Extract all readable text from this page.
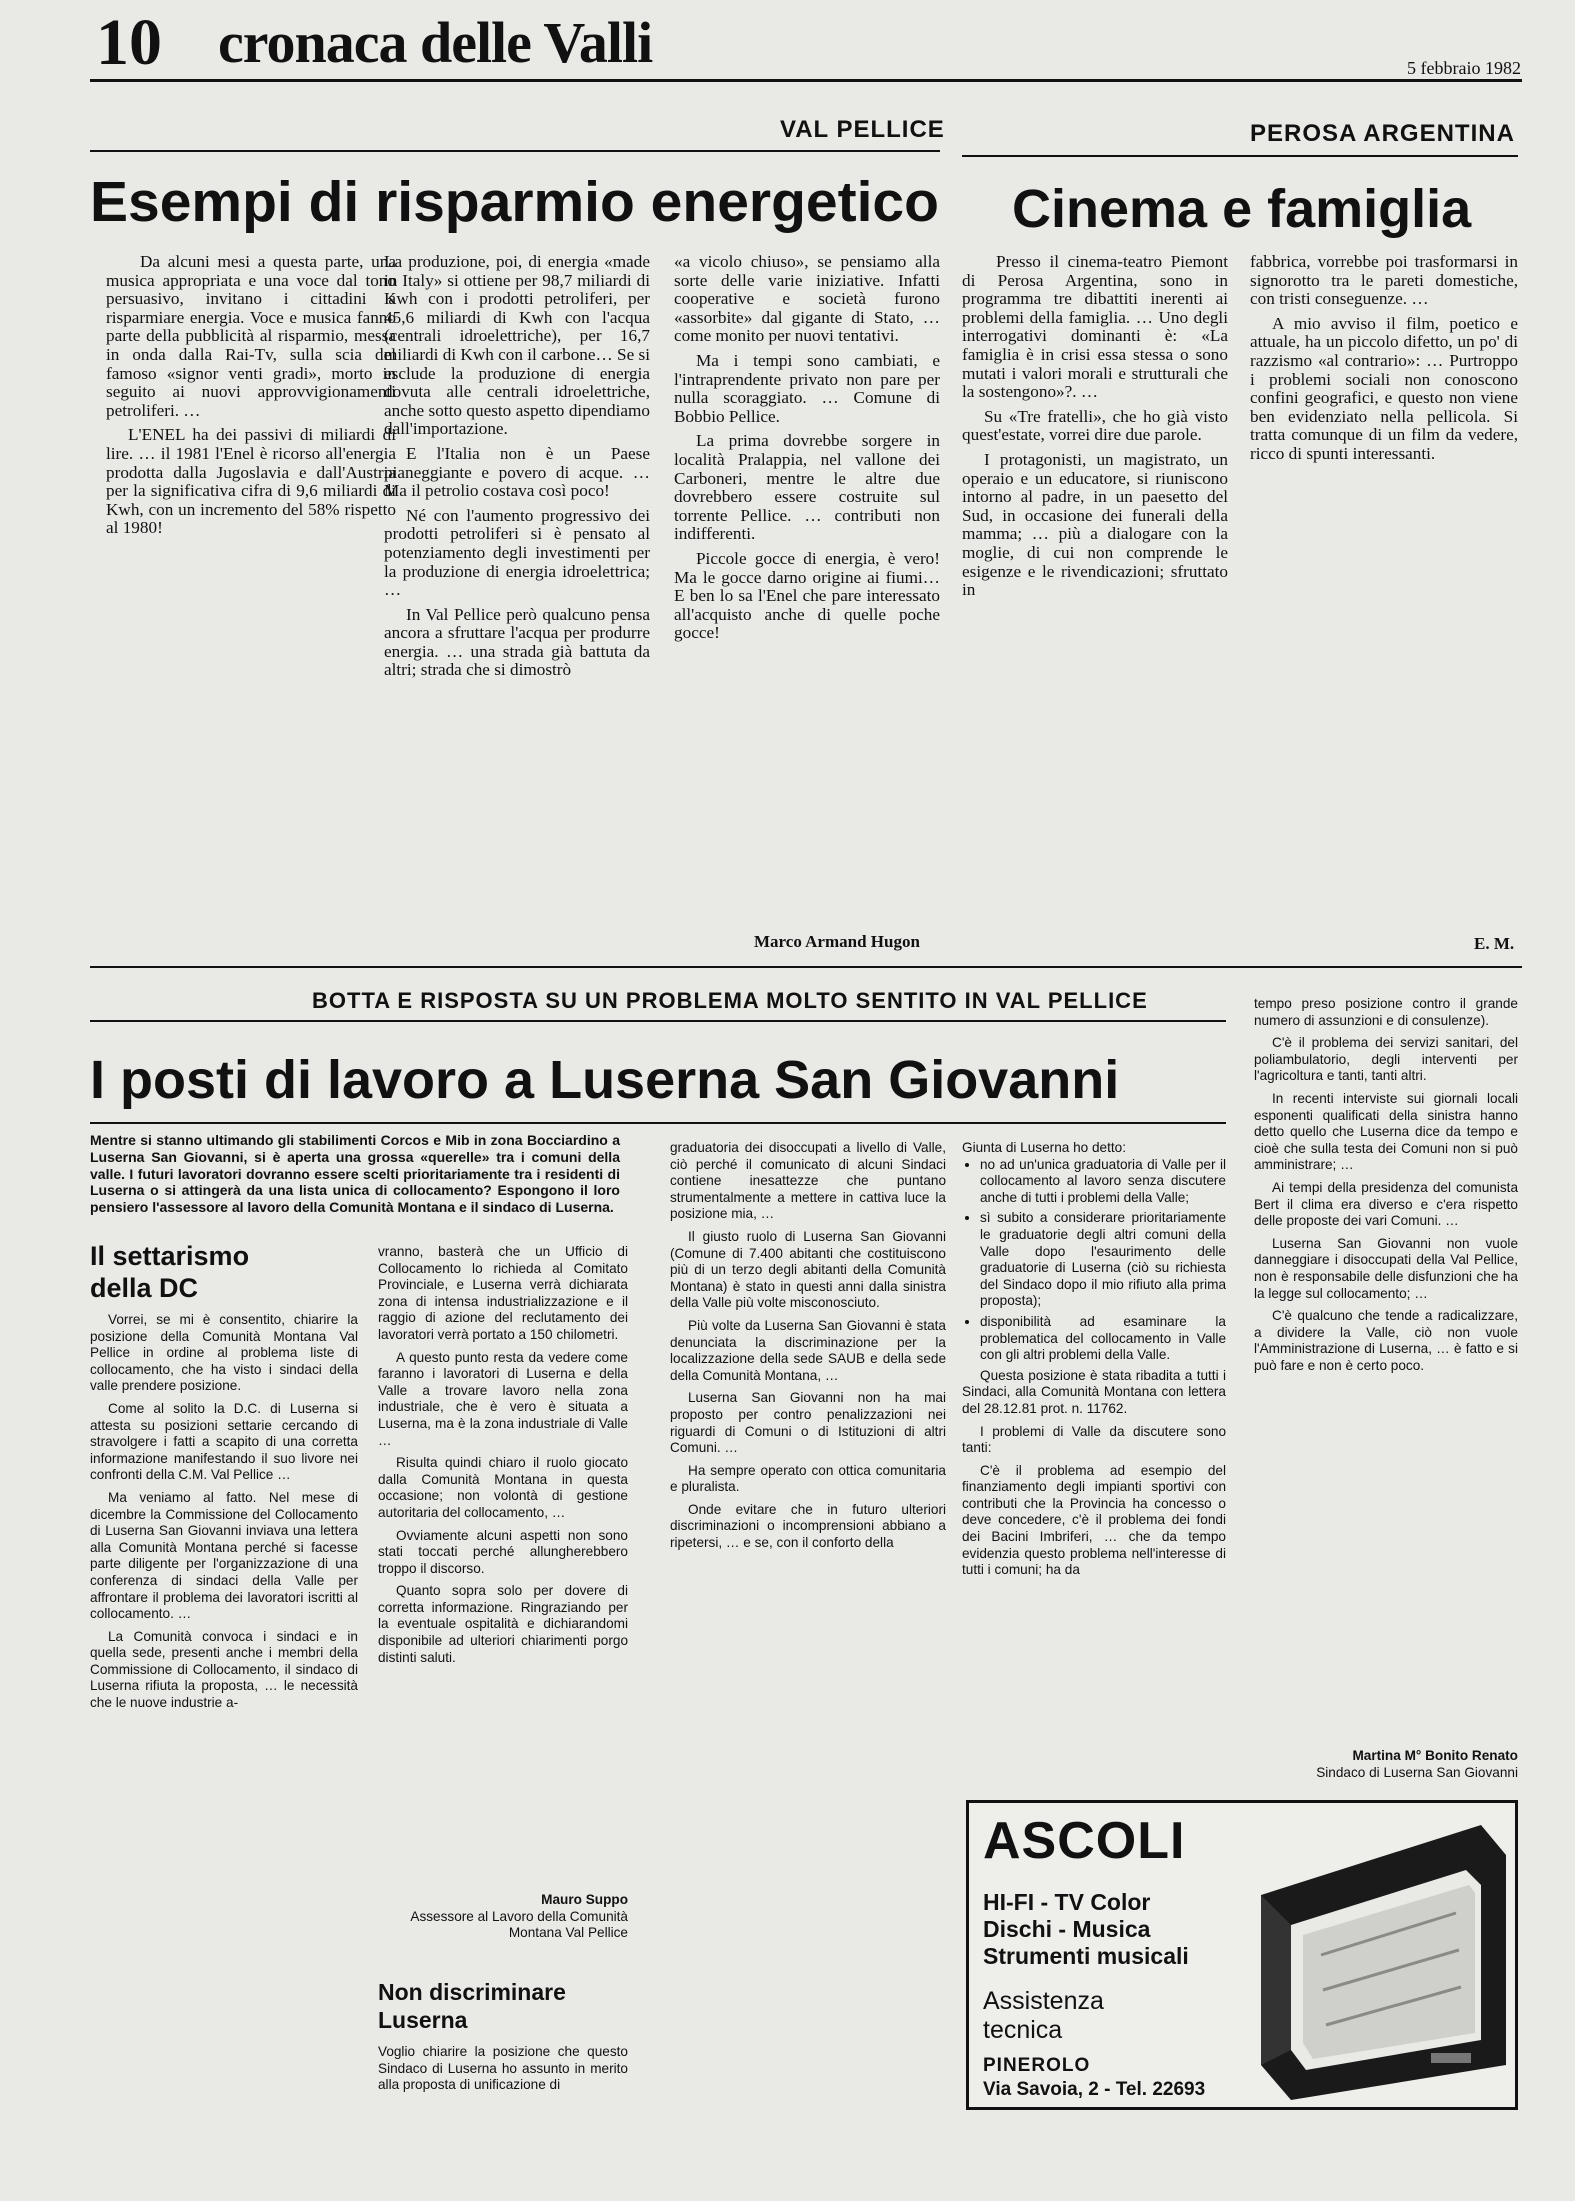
10 cronaca delle Valli	5 febbraio 1982
VAL PELLICE
Esempi di risparmio energetico

Da alcuni mesi a questa parte, una musica appropriata e una voce dal tono persuasivo, invitano i cittadini a risparmiare energia. Voce e musica fanno parte della pubblicità al risparmio, messa in onda dalla Rai-Tv, sulla scia del famoso «signor venti gradi», morto in seguito ai nuovi approvvigionamenti petroliferi. …

L'ENEL ha dei passivi di miliardi di lire. … il 1981 l'Enel è ricorso all'energia prodotta dalla Jugoslavia e dall'Austria per la significativa cifra di 9,6 miliardi di Kwh, con un incremento del 58% rispetto al 1980!

La produzione, poi, di energia «made in Italy» si ottiene per 98,7 miliardi di Kwh con i prodotti petroliferi, per 45,6 miliardi di Kwh con l'acqua (centrali idroelettriche), per 16,7 miliardi di Kwh con il carbone… Se si esclude la produzione di energia dovuta alle centrali idroelettriche, anche sotto questo aspetto dipendiamo dall'importazione.

E l'Italia non è un Paese pianeggiante e povero di acque. … Ma il petrolio costava così poco!

Né con l'aumento progressivo dei prodotti petroliferi si è pensato al potenziamento degli investimenti per la produzione di energia idroelettrica; …

In Val Pellice però qualcuno pensa ancora a sfruttare l'acqua per produrre energia. … una strada già battuta da altri; strada che si dimostrò

«a vicolo chiuso», se pensiamo alla sorte delle varie iniziative. Infatti cooperative e società furono «assorbite» dal gigante di Stato, … come monito per nuovi tentativi.

Ma i tempi sono cambiati, e l'intraprendente privato non pare per nulla scoraggiato. … Comune di Bobbio Pellice.

La prima dovrebbe sorgere in località Pralappia, nel vallone dei Carboneri, mentre le altre due dovrebbero essere costruite sul torrente Pellice. … contributi non indifferenti.

Piccole gocce di energia, è vero! Ma le gocce darno origine ai fiumi… E ben lo sa l'Enel che pare interessato all'acquisto anche di quelle poche gocce!

Marco Armand Hugon
PEROSA ARGENTINA
Cinema e famiglia

Presso il cinema-teatro Piemont di Perosa Argentina, sono in programma tre dibattiti inerenti ai problemi della famiglia. … Uno degli interrogativi dominanti è: «La famiglia è in crisi essa stessa o sono mutati i valori morali e strutturali che la sostengono»?. …

Su «Tre fratelli», che ho già visto quest'estate, vorrei dire due parole.

I protagonisti, un magistrato, un operaio e un educatore, si riuniscono intorno al padre, in un paesetto del Sud, in occasione dei funerali della mamma; … più a dialogare con la moglie, di cui non comprende le esigenze e le rivendicazioni; sfruttato in

fabbrica, vorrebbe poi trasformarsi in signorotto tra le pareti domestiche, con tristi conseguenze. …

A mio avviso il film, poetico e attuale, ha un piccolo difetto, un po' di razzismo «al contrario»: … Purtroppo i problemi sociali non conoscono confini geografici, e questo non viene ben evidenziato nella pellicola. Si tratta comunque di un film da vedere, ricco di spunti interessanti.

E. M.
BOTTA E RISPOSTA SU UN PROBLEMA MOLTO SENTITO IN VAL PELLICE
I posti di lavoro a Luserna San Giovanni
Mentre si stanno ultimando gli stabilimenti Corcos e Mib in zona Bocciardino a Luserna San Giovanni, si è aperta una grossa «querelle» tra i comuni della valle. I futuri lavoratori dovranno essere scelti prioritariamente tra i residenti di Luserna o si attingerà da una lista unica di collocamento? Espongono il loro pensiero l'assessore al lavoro della Comunità Montana e il sindaco di Luserna.
Il settarismo della DC

Vorrei, se mi è consentito, chiarire la posizione della Comunità Montana Val Pellice in ordine al problema liste di collocamento, che ha visto i sindaci della valle prendere posizione.

Come al solito la D.C. di Luserna si attesta su posizioni settarie cercando di stravolgere i fatti a scapito di una corretta informazione manifestando il suo livore nei confronti della C.M. Val Pellice …

Ma veniamo al fatto. Nel mese di dicembre la Commissione del Collocamento di Luserna San Giovanni inviava una lettera alla Comunità Montana perché si facesse parte diligente per l'organizzazione di una conferenza di sindaci della Valle per affrontare il problema dei lavoratori iscritti al collocamento. …

La Comunità convoca i sindaci e in quella sede, presenti anche i membri della Commissione di Collocamento, il sindaco di Luserna rifiuta la proposta, … le necessità che le nuove industrie a-

vranno, basterà che un Ufficio di Collocamento lo richieda al Comitato Provinciale, e Luserna verrà dichiarata zona di intensa industrializzazione e il raggio di azione del reclutamento dei lavoratori verrà portato a 150 chilometri.

A questo punto resta da vedere come faranno i lavoratori di Luserna e della Valle a trovare lavoro nella zona industriale, che è vero è situata a Luserna, ma è la zona industriale di Valle …

Risulta quindi chiaro il ruolo giocato dalla Comunità Montana in questa occasione; non volontà di gestione autoritaria del collocamento, …

Ovviamente alcuni aspetti non sono stati toccati perché allungherebbero troppo il discorso.

Quanto sopra solo per dovere di corretta informazione. Ringraziando per la eventuale ospitalità e dichiarandomi disponibile ad ulteriori chiarimenti porgo distinti saluti.

Mauro Suppo
Assessore al Lavoro della Comunità Montana Val Pellice
Non discriminare Luserna
Voglio chiarire la posizione che questo Sindaco di Luserna ho assunto in merito alla proposta di unificazione di

graduatoria dei disoccupati a livello di Valle, ciò perché il comunicato di alcuni Sindaci contiene inesattezze che puntano strumentalmente a mettere in cattiva luce la posizione mia, …

Il giusto ruolo di Luserna San Giovanni (Comune di 7.400 abitanti che costituiscono più di un terzo degli abitanti della Comunità Montana) è stato in questi anni dalla sinistra della Valle più volte misconosciuto.

Più volte da Luserna San Giovanni è stata denunciata la discriminazione per la localizzazione della sede SAUB e della sede della Comunità Montana, …

Luserna San Giovanni non ha mai proposto per contro penalizzazioni nei riguardi di Comuni o di Istituzioni di altri Comuni. …

Ha sempre operato con ottica comunitaria e pluralista.

Onde evitare che in futuro ulteriori discriminazioni o incomprensioni abbiano a ripetersi, … e se, con il conforto della

Giunta di Luserna ho detto:
• no ad un'unica graduatoria di Valle per il collocamento al lavoro senza discutere anche di tutti i problemi della Valle;
• sì subito a considerare prioritariamente le graduatorie degli altri comuni della Valle dopo l'esaurimento delle graduatorie di Luserna (ciò su richiesta del Sindaco dopo il mio rifiuto alla prima proposta);
• disponibilità ad esaminare la problematica del collocamento in Valle con gli altri problemi della Valle.

Questa posizione è stata ribadita a tutti i Sindaci, alla Comunità Montana con lettera del 28.12.81 prot. n. 11762.

I problemi di Valle da discutere sono tanti:

C'è il problema ad esempio del finanziamento degli impianti sportivi con contributi che la Provincia ha concesso o deve concedere, c'è il problema dei fondi dei Bacini Imbriferi, … che da tempo evidenzia questo problema nell'interesse di tutti i comuni; ha da

tempo preso posizione contro il grande numero di assunzioni e di consulenze).

C'è il problema dei servizi sanitari, del poliambulatorio, degli interventi per l'agricoltura e tanti, tanti altri.

In recenti interviste sui giornali locali esponenti qualificati della sinistra hanno detto quello che Luserna dice da tempo e cioè che sulla testa dei Comuni non si può amministrare; …

Ai tempi della presidenza del comunista Bert il clima era diverso e c'era rispetto delle proposte dei vari Comuni. …

Luserna San Giovanni non vuole danneggiare i disoccupati della Val Pellice, non è responsabile delle disfunzioni che ha la legge sul collocamento; …

C'è qualcuno che tende a radicalizzare, a dividere la Valle, ciò non vuole l'Amministrazione di Luserna, … è fatto e si può fare e non è certo poco.

Martina M° Bonito Renato
Sindaco di Luserna San Giovanni
ASCOLI
HI-FI - TV Color
Dischi - Musica
Strumenti musicali
Assistenza
tecnica
PINEROLO
Via Savoia, 2 - Tel. 22693
